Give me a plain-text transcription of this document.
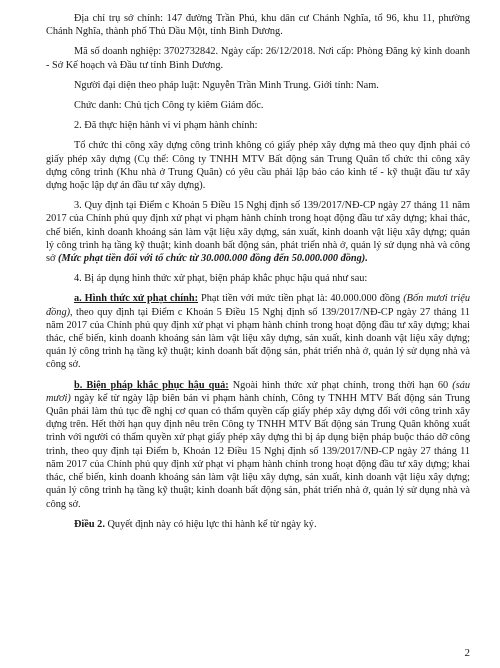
Địa chỉ trụ sở chính: 147 đường Trần Phú, khu dân cư Chánh Nghĩa, tổ 96, khu 11, phường Chánh Nghĩa, thành phố Thủ Dầu Một, tỉnh Bình Dương.

Mã số doanh nghiệp: 3702732842. Ngày cấp: 26/12/2018. Nơi cấp: Phòng Đăng ký kinh doanh - Sở Kế hoạch và Đầu tư tỉnh Bình Dương.

Người đại diện theo pháp luật: Nguyễn Trần Minh Trung. Giới tính: Nam.

Chức danh: Chủ tịch Công ty kiêm Giám đốc.

2. Đã thực hiện hành vi vi phạm hành chính:

Tổ chức thi công xây dựng công trình không có giấy phép xây dựng mà theo quy định phải có giấy phép xây dựng (Cụ thể: Công ty TNHH MTV Bất động sản Trung Quân tổ chức thi công xây dựng công trình (Khu nhà ở Trung Quân) có yêu cầu phải lập báo cáo kinh tế - kỹ thuật đầu tư xây dựng hoặc lập dự án đầu tư xây dựng).

3. Quy định tại Điểm c Khoản 5 Điều 15 Nghị định số 139/2017/NĐ-CP ngày 27 tháng 11 năm 2017 của Chính phủ quy định xử phạt vi phạm hành chính trong hoạt động đầu tư xây dựng; khai thác, chế biến, kinh doanh khoáng sản làm vật liệu xây dựng, sản xuất, kinh doanh vật liệu xây dựng; quản lý công trình hạ tầng kỹ thuật; kinh doanh bất động sản, phát triển nhà ở, quản lý sử dụng nhà và công sở (Mức phạt tiền đối với tổ chức từ 30.000.000 đồng đến 50.000.000 đồng).

4. Bị áp dụng hình thức xử phạt, biện pháp khắc phục hậu quả như sau:

a. Hình thức xử phạt chính: Phạt tiền với mức tiền phạt là: 40.000.000 đồng (Bốn mươi triệu đồng), theo quy định tại Điểm c Khoản 5 Điều 15 Nghị định số 139/2017/NĐ-CP ngày 27 tháng 11 năm 2017 của Chính phủ quy định xử phạt vi phạm hành chính trong hoạt động đầu tư xây dựng; khai thác, chế biến, kinh doanh khoáng sản làm vật liệu xây dựng, sản xuất, kinh doanh vật liệu xây dựng; quản lý công trình hạ tầng kỹ thuật; kinh doanh bất động sản, phát triển nhà ở, quản lý sử dụng nhà và công sở.

b. Biện pháp khắc phục hậu quả: Ngoài hình thức xử phạt chính, trong thời hạn 60 (sáu mươi) ngày kể từ ngày lập biên bản vi phạm hành chính, Công ty TNHH MTV Bất động sản Trung Quân phải làm thủ tục đề nghị cơ quan có thẩm quyền cấp giấy phép xây dựng đối với công trình xây dựng trên. Hết thời hạn quy định nêu trên Công ty TNHH MTV Bất động sản Trung Quân không xuất trình với người có thẩm quyền xử phạt giấy phép xây dựng thì bị áp dụng biện pháp buộc tháo dỡ công trình, theo quy định tại Điểm b, Khoản 12 Điều 15 Nghị định số 139/2017/NĐ-CP ngày 27 tháng 11 năm 2017 của Chính phủ quy định xử phạt vi phạm hành chính trong hoạt động đầu tư xây dựng; khai thác, chế biến, kinh doanh khoáng sản làm vật liệu xây dựng, sản xuất, kinh doanh vật liệu xây dựng; quản lý công trình hạ tầng kỹ thuật; kinh doanh bất động sản, phát triển nhà ở, quản lý sử dụng nhà và công sở.

Điều 2. Quyết định này có hiệu lực thi hành kể từ ngày ký.

2
